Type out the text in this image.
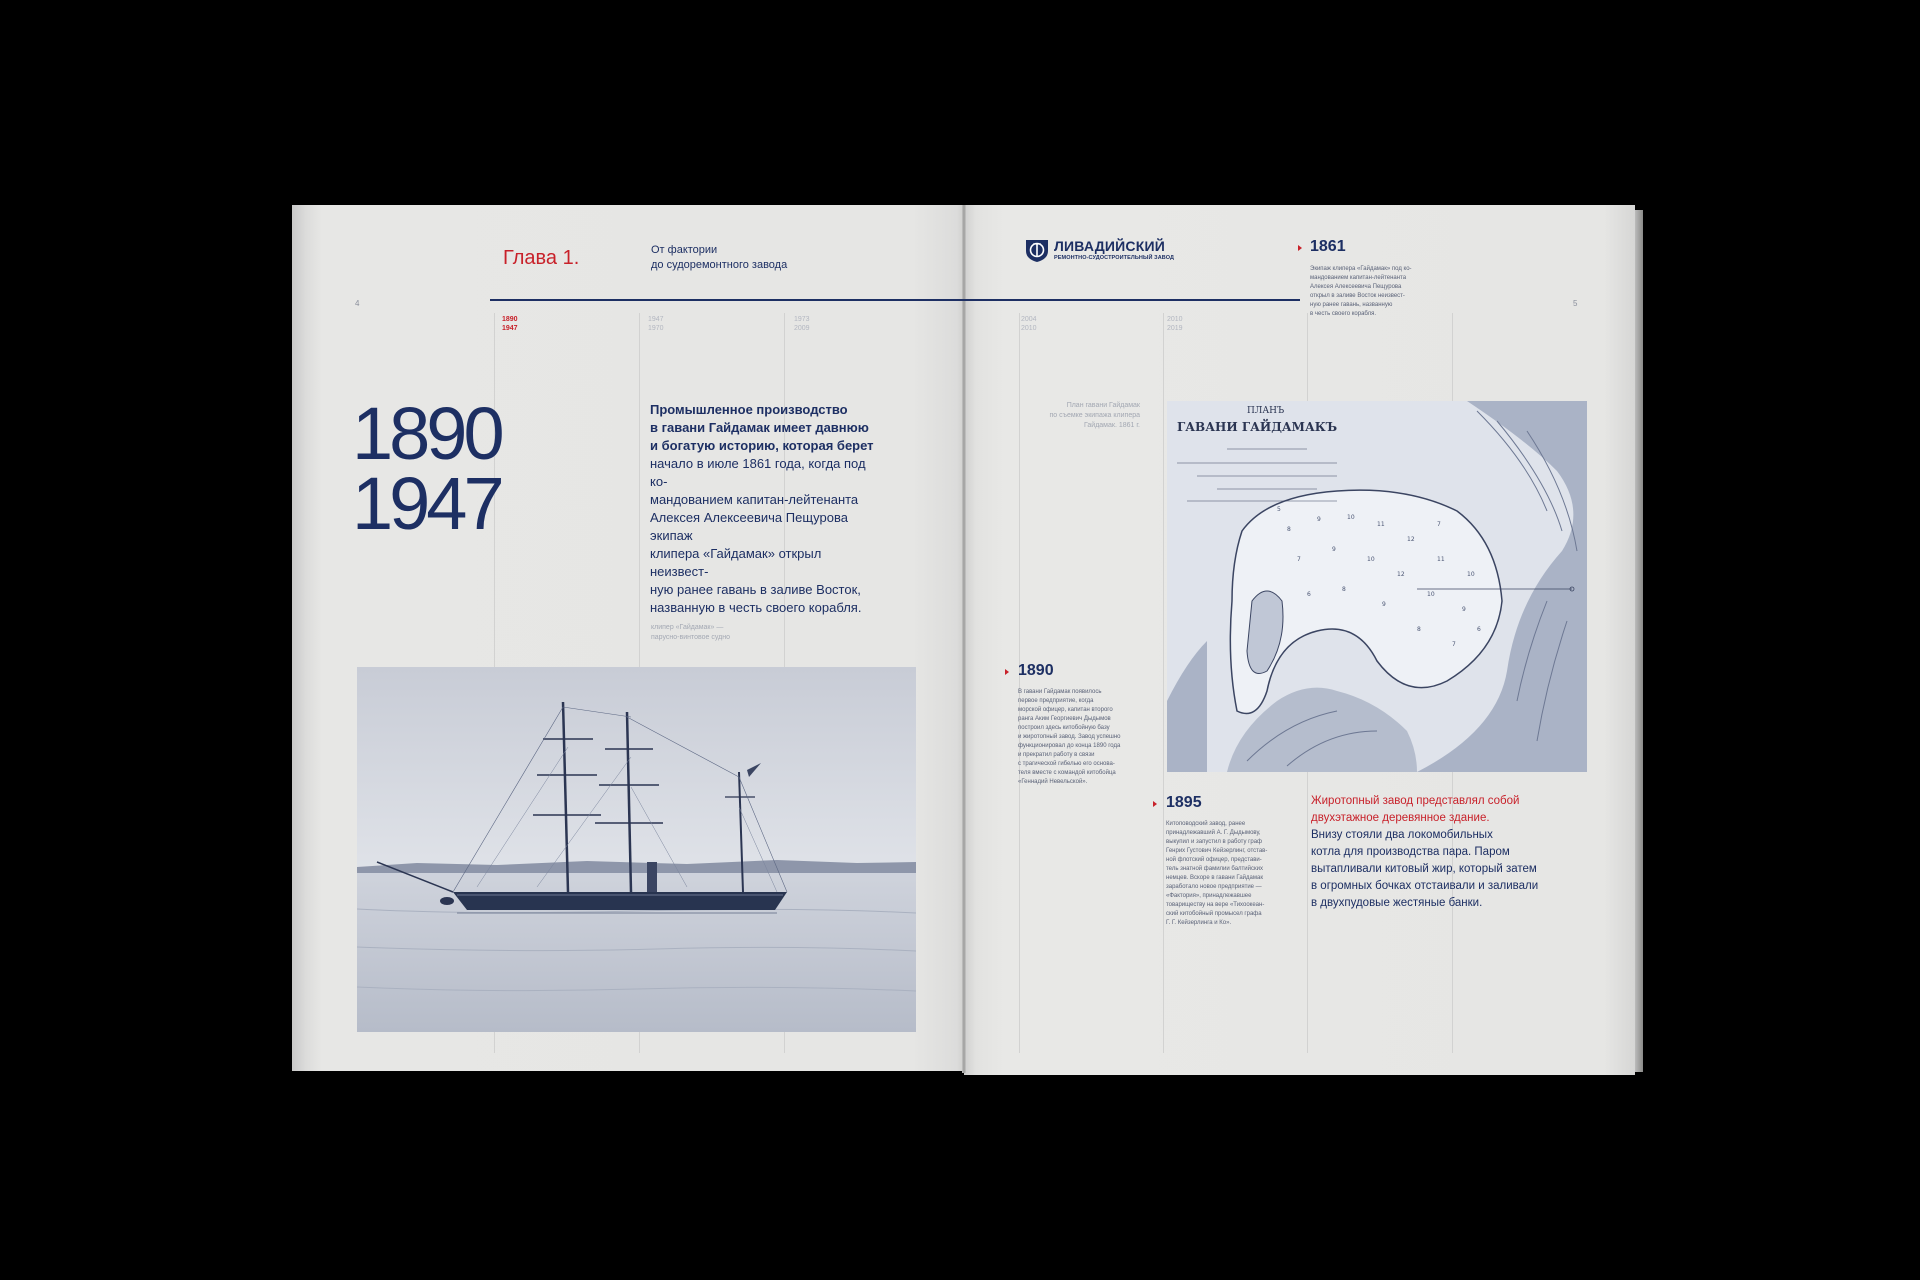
4
Глава 1.	От фактории
до судоремонтного завода
1890
1947
1947
1970
1973
2009
1890
1947
Промышленное производство
в гавани Гайдамак имеет давнюю
и богатую историю, которая берет
начало в июле 1861 года, когда под ко-
мандованием капитан-лейтенанта
Алексея Алексеевича Пещурова экипаж
клипера «Гайдамак» открыл неизвест-
ную ранее гавань в заливе Восток,
названную в честь своего корабля.
клипер «Гайдамак» —
парусно-винтовое судно
5
ЛИВАДИЙСКИЙ
РЕМОНТНО-СУДОСТРОИТЕЛЬНЫЙ ЗАВОД
2004
2010
2010
2019
1861
Экипаж клипера «Гайдамак» под ко-
мандованием капитан-лейтенанта
Алексея Алексеевича Пещурова
открыл в заливе Восток неизвест-
ную ранее гавань, названную
в честь своего корабля.
План гавани Гайдамак
по съемке экипажа клипера
Гайдамак. 1861 г.
8
9	10
11
12
11
7
9
10
12
10
9
6
8
9
8
7
10
5
7
6
ПЛАНЪ
ГАВАНИ ГАЙДАМАКЪ
1890
В гавани Гайдамак появилось
первое предприятие, когда
морской офицер, капитан второго
ранга Аким Георгиевич Дыдымов
построил здесь китобойную базу
и жиротопный завод. Завод успешно
функционировал до конца 1890 года
и прекратил работу в связи
с трагической гибелью его основа-
теля вместе с командой китобойца
«Геннадий Невельской».
1895
Китоповодский завод, ранее
принадлежавший А. Г. Дыдымову,
выкупил и запустил в работу граф
Генрих Густович Кейзерлинг, отстав-
ной флотский офицер, представи-
тель знатной фамилии балтийских
немцев. Вскоре в гавани Гайдамак
заработало новое предприятие —
«Фактория», принадлежавшее
товариществу на вере «Тихоокеан-
ский китобойный промысел графа
Г. Г. Кейзерлинга и Ко».
Жиротопный завод представлял собой
двухэтажное деревянное здание.
Внизу стояли два локомобильных
котла для производства пара. Паром
вытапливали китовый жир, который затем
в огромных бочках отстаивали и заливали
в двухпудовые жестяные банки.
